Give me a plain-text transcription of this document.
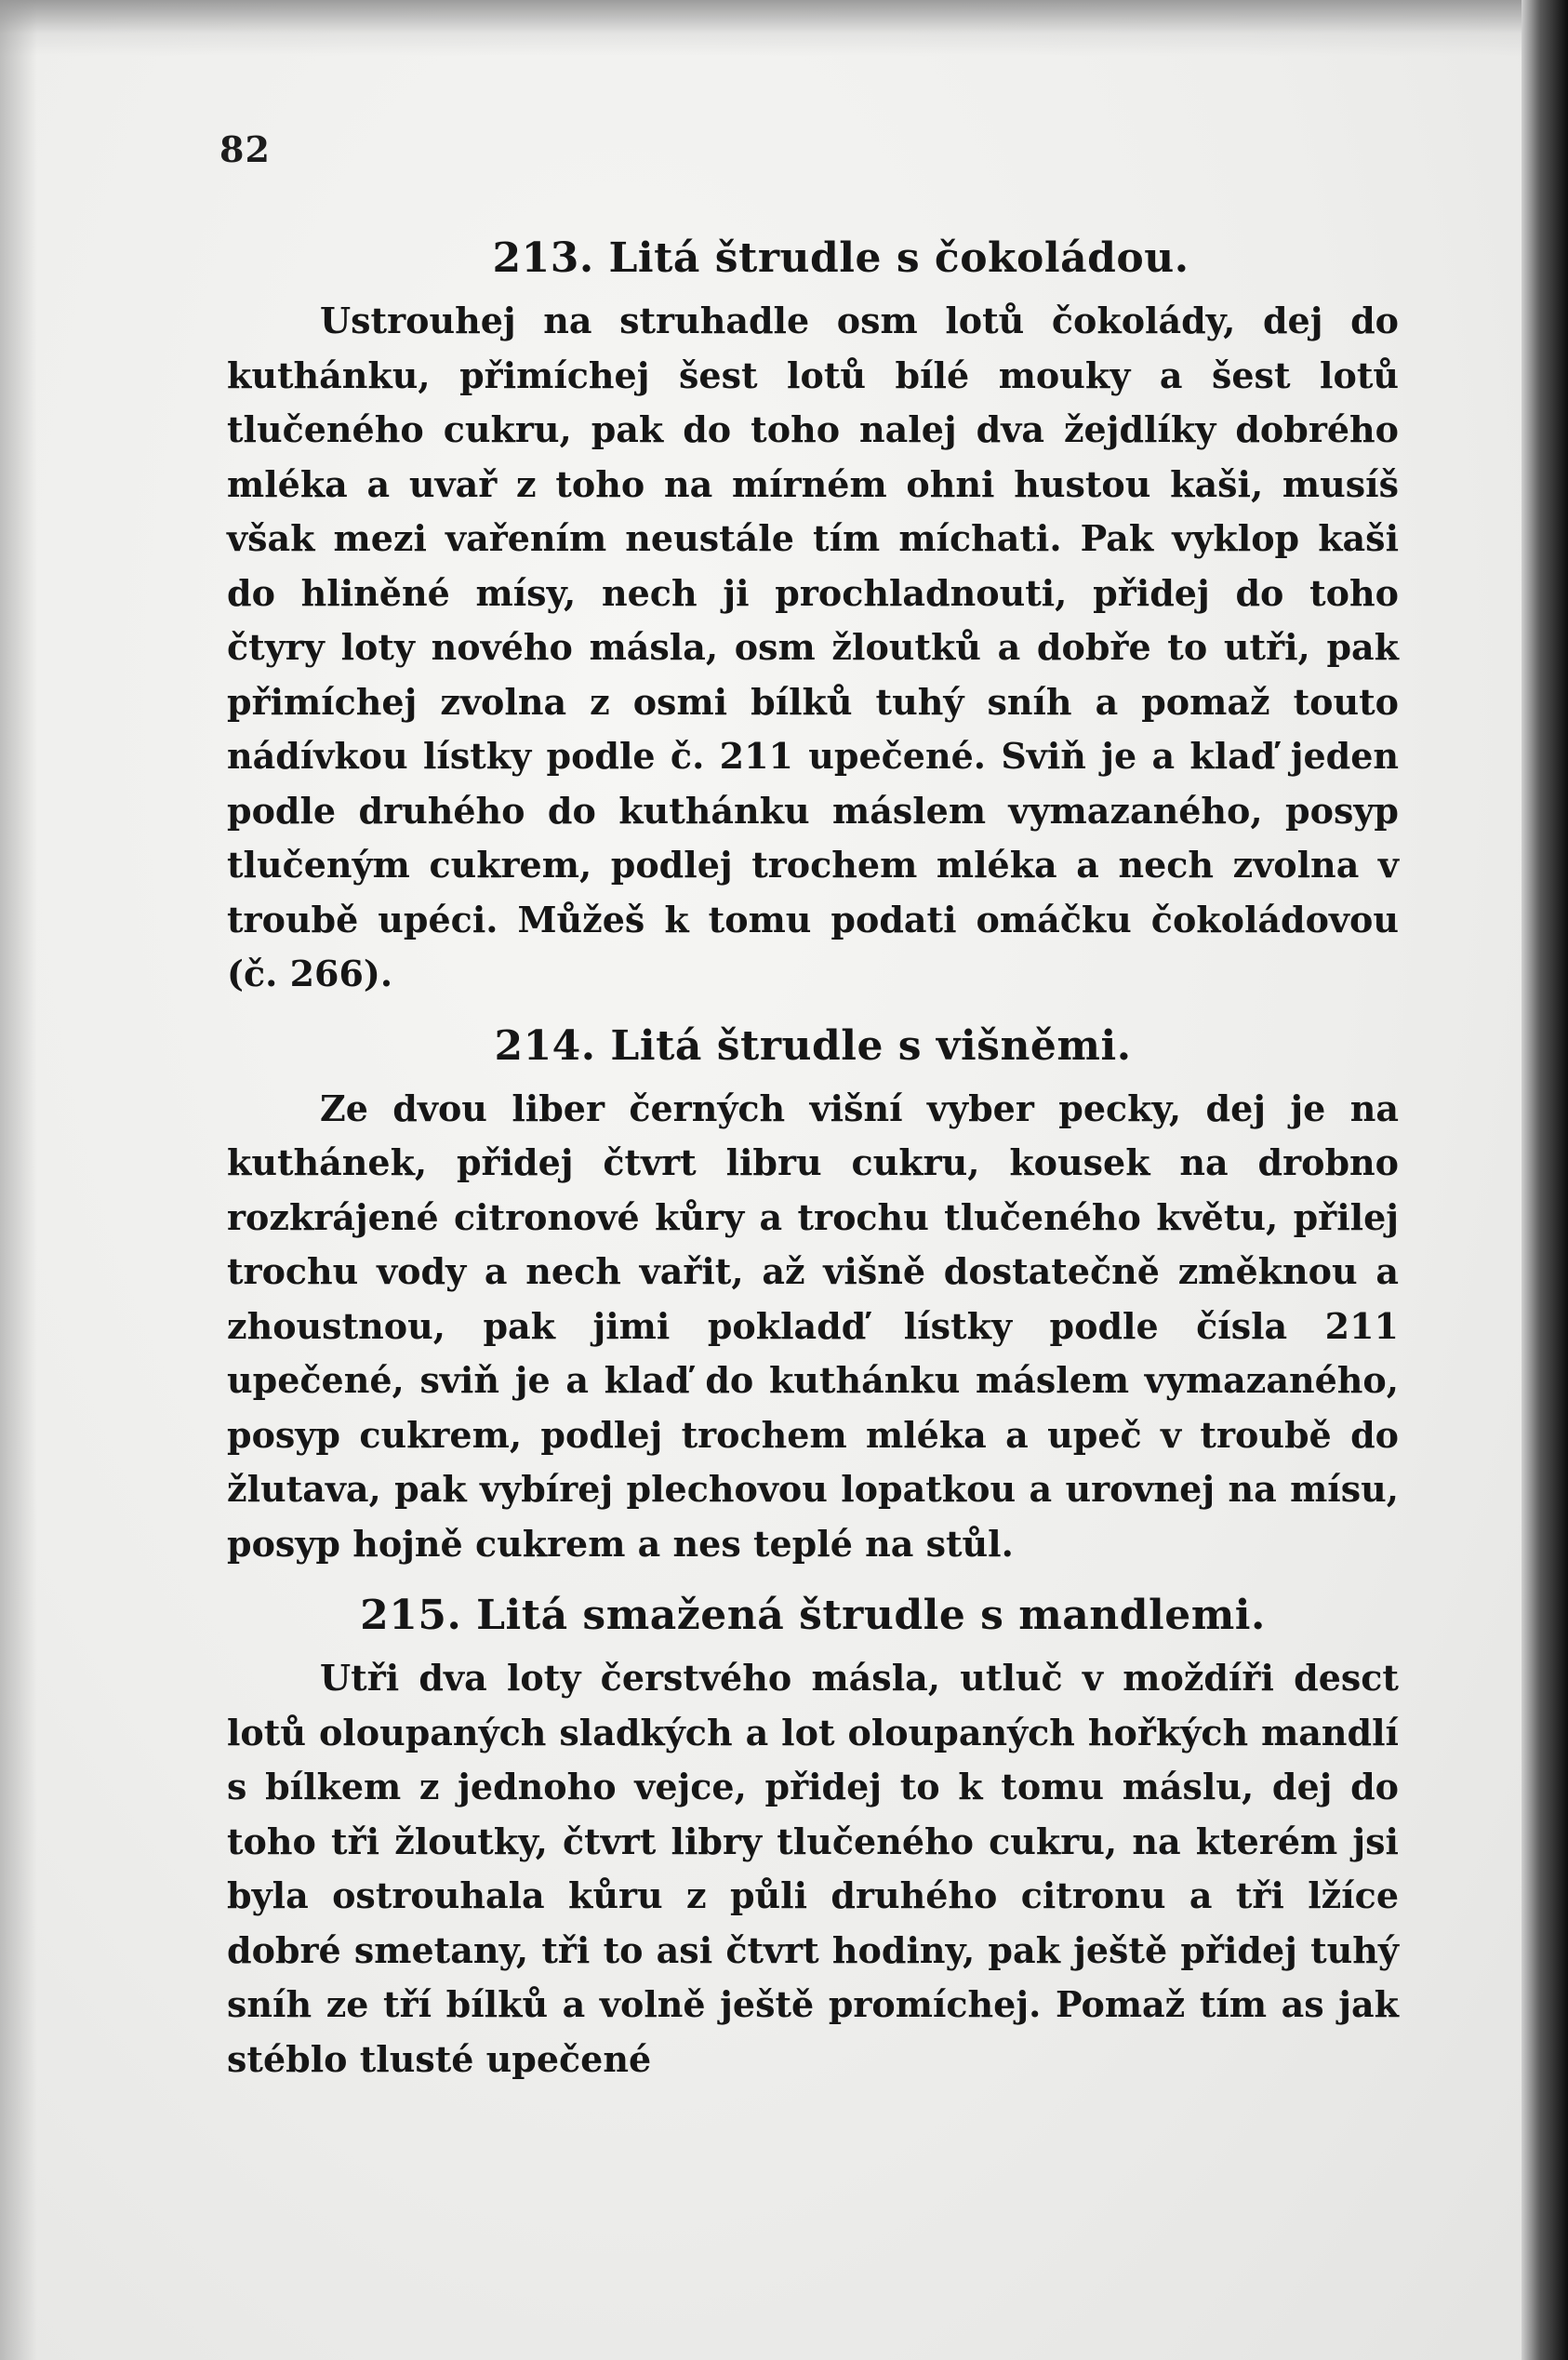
82
213. Litá štrudle s čokoládou.

Ustrouhej na struhadle osm lotů čokolády, dej do kuthánku, přimíchej šest lotů bílé mouky a šest lotů tlučeného cukru, pak do toho nalej dva žejdlíky dobrého mléka a uvař z toho na mírném ohni hustou kaši, musíš však mezi vařením neustále tím míchati. Pak vyklop kaši do hliněné mísy, nech ji prochladnouti, přidej do toho čtyry loty nového másla, osm žloutků a dobře to utři, pak přimíchej zvolna z osmi bílků tuhý sníh a pomaž touto nádívkou lístky podle č. 211 upečené. Sviň je a klaď jeden podle druhého do kuthánku máslem vymazaného, posyp tlučeným cukrem, podlej trochem mléka a nech zvolna v troubě upéci. Můžeš k tomu podati omáčku čokoládovou (č. 266).

214. Litá štrudle s višněmi.

Ze dvou liber černých višní vyber pecky, dej je na kuthánek, přidej čtvrt libru cukru, kousek na drobno rozkrájené citronové kůry a trochu tlučeného květu, přilej trochu vody a nech vařit, až višně dostatečně změknou a zhoustnou, pak jimi pokladď lístky podle čísla 211 upečené, sviň je a klaď do kuthánku máslem vymazaného, posyp cukrem, podlej trochem mléka a upeč v troubě do žlutava, pak vybírej plechovou lopatkou a urovnej na mísu, posyp hojně cukrem a nes teplé na stůl.

215. Litá smažená štrudle s mandlemi.

Utři dva loty čerstvého másla, utluč v moždíři desct lotů oloupaných sladkých a lot oloupaných hořkých mandlí s bílkem z jednoho vejce, přidej to k tomu máslu, dej do toho tři žloutky, čtvrt libry tlučeného cukru, na kterém jsi byla ostrouhala kůru z půli druhého citronu a tři lžíce dobré smetany, tři to asi čtvrt hodiny, pak ještě přidej tuhý sníh ze tří bílků a volně ještě promíchej. Pomaž tím as jak stéblo tlusté upečené
